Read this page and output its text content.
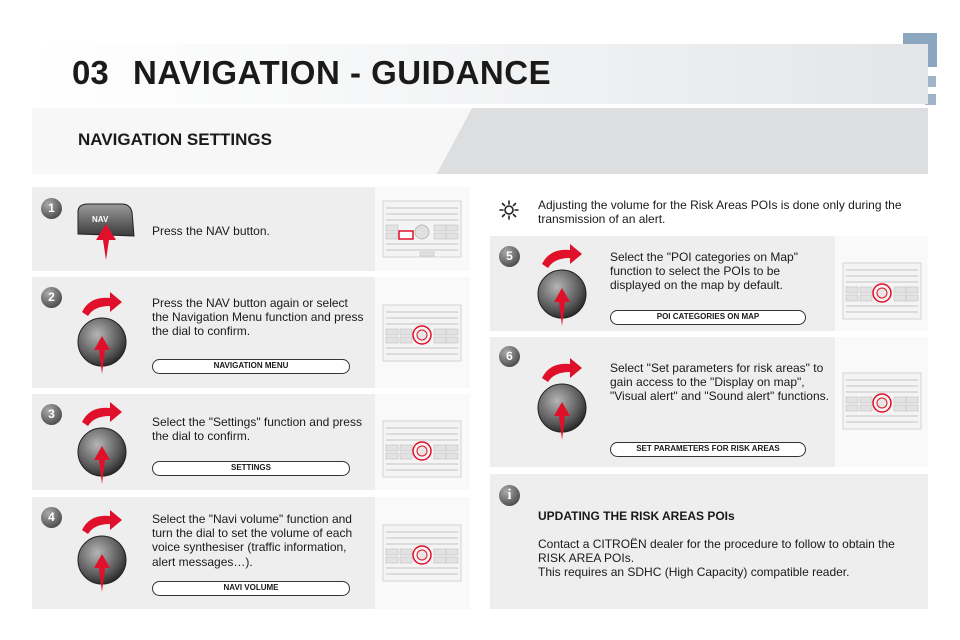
03 NAVIGATION - GUIDANCE
NAVIGATION SETTINGS
1
NAV
Press the NAV button.
2	Press the NAV button again or select the Navigation Menu function and press the dial to confirm.
NAVIGATION MENU
3
Select the "Settings" function and press the dial to confirm.
SETTINGS
4	Select the "Navi volume" function and turn the dial to set the volume of each voice synthesiser (traffic information, alert messages…).
NAVI VOLUME
Adjusting the volume for the Risk Areas POIs is done only during the transmission of an alert.
5	Select the "POI categories on Map" function to select the POIs to be displayed on the map by default.
POI CATEGORIES ON MAP
6
Select "Set parameters for risk areas" to gain access to the "Display on map", "Visual alert" and "Sound alert" functions.
SET PARAMETERS FOR RISK AREAS
i
UPDATING THE RISK AREAS POIs
Contact a CITROËN dealer for the procedure to follow to obtain the RISK AREA POIs.
This requires an SDHC (High Capacity) compatible reader.
